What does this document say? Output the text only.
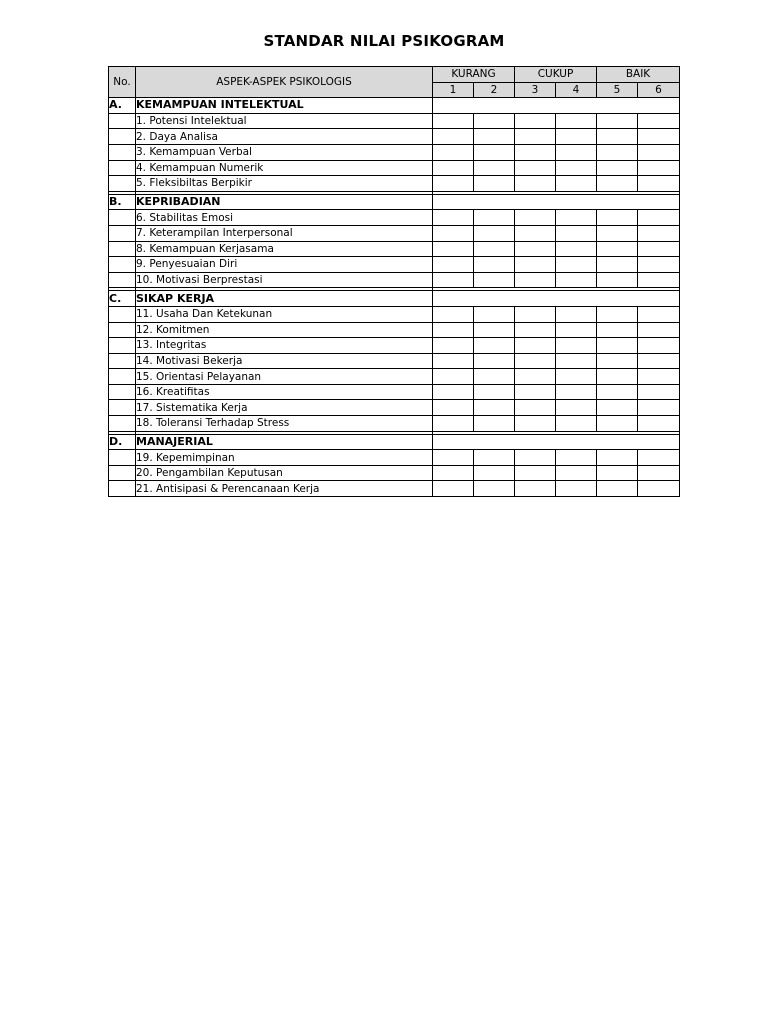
STANDAR NILAI PSIKOGRAM
No.	ASPEK-ASPEK PSIKOLOGIS	KURANG		CUKUP		BAIK	
		1	2	3	4	5	6
A.	KEMAMPUAN INTELEKTUAL						
	1. Potensi Intelektual						
	2. Daya Analisa						
	3. Kemampuan Verbal						
	4. Kemampuan Numerik						
	5. Fleksibiltas Berpikir						

B.	KEPRIBADIAN						
	6. Stabilitas Emosi						
	7. Keterampilan Interpersonal						
	8. Kemampuan Kerjasama						
	9. Penyesuaian Diri						
	10. Motivasi Berprestasi						

C.	SIKAP KERJA						
	11. Usaha Dan Ketekunan						
	12. Komitmen						
	13. Integritas						
	14. Motivasi Bekerja						
	15. Orientasi Pelayanan						
	16. Kreatifitas						
	17. Sistematika Kerja						
	18. Toleransi Terhadap Stress						

D.	MANAJERIAL						
	19. Kepemimpinan						
	20. Pengambilan Keputusan						
	21. Antisipasi & Perencanaan Kerja						
